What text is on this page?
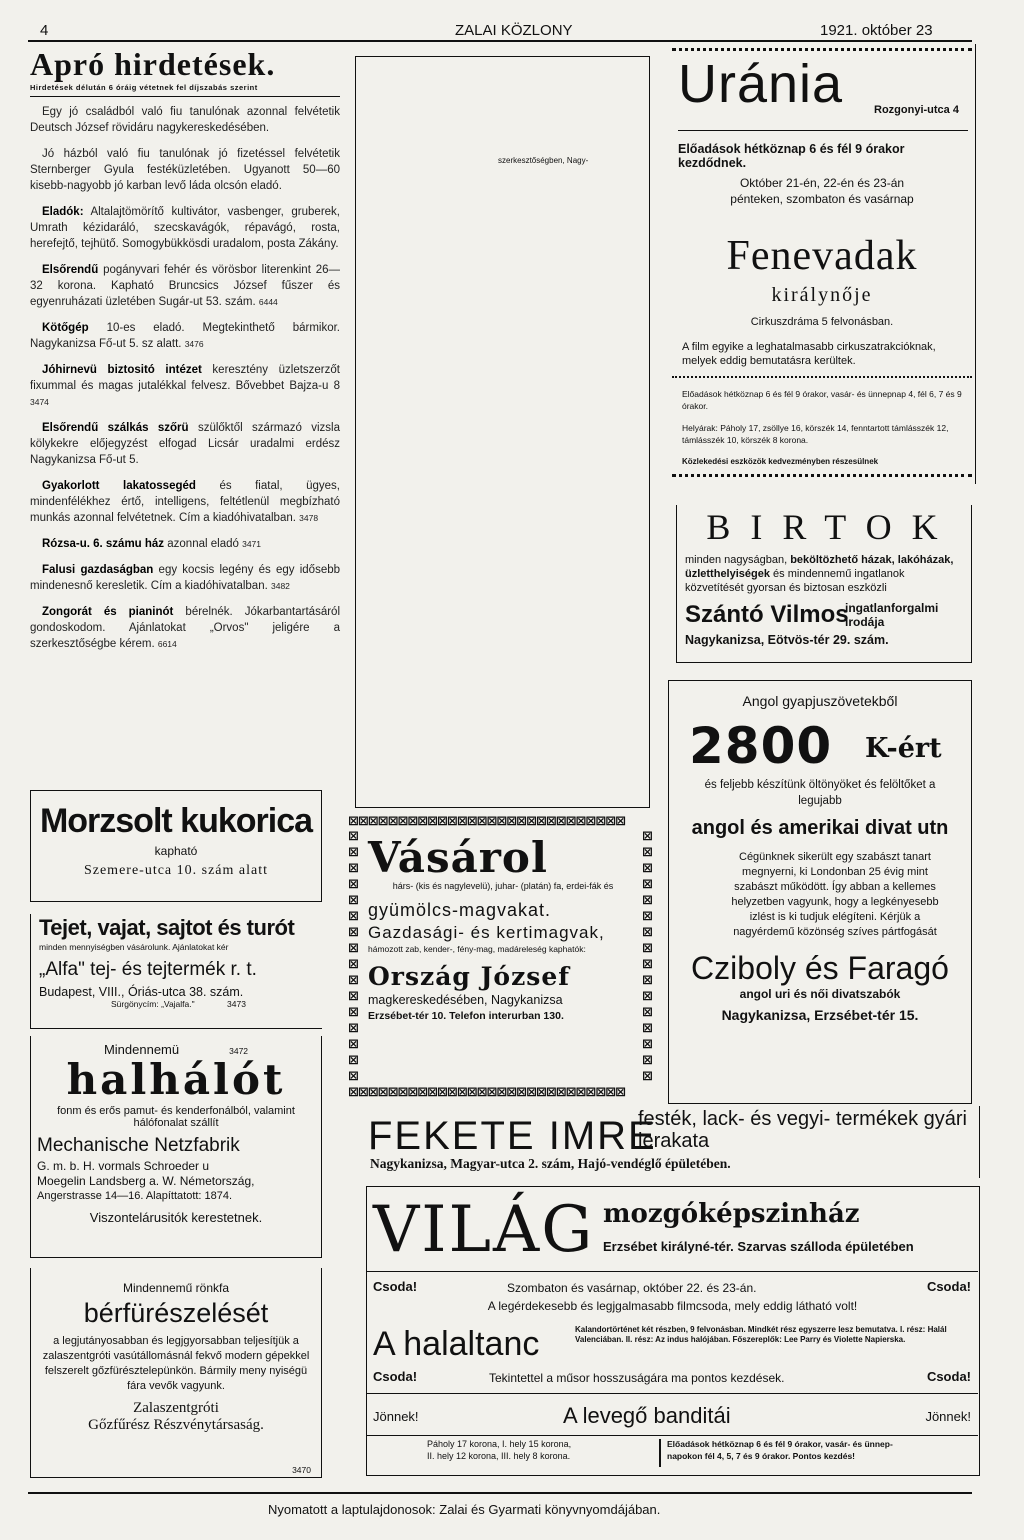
4	ZALAI KÖZLONY	1921. október 23
Apró hirdetések.
Hirdetések délután 6 óráig vétetnek fel díjszabás szerint

Egy jó családból való fiu tanulónak azonnal felvétetik Deutsch József rövidáru nagykereskedésében.

Jó házból való fiu tanulónak jó fizetéssel felvétetik Sternberger Gyula festéküzletében. Ugyanott 50—60 kisebb-nagyobb jó karban levő láda olcsón eladó.

Eladók: Altalajtömörítő kultivátor, vasbenger, gruberek, Umrath kézidaráló, szecskavágók, répavágó, rosta, herefejtő, tejhütő. Somogybükkösdi uradalom, posta Zákány.

Elsőrendű pogányvari fehér és vörösbor literenkint 26—32 korona. Kapható Bruncsics József fűszer és egyenruházati üzletében Sugár-ut 53. szám. 6444

Kötőgép 10-es eladó. Megtekinthető bármikor. Nagykanizsa Fő-ut 5. sz alatt. 3476

Jóhirnevü biztositó intézet keresztény üzletszerzőt fixummal és magas jutalékkal felvesz. Bővebbet Bajza-u 8 3474

Elsőrendű szálkás szőrü szülőktől származó vizsla kölykekre előjegyzést elfogad Licsár uradalmi erdész Nagykanizsa Fő-ut 5.

Gyakorlott lakatossegéd és fiatal, ügyes, mindenfélékhez értő, intelligens, feltétlenül megbízható munkás azonnal felvétetnek. Cím a kiadóhivatalban. 3478

Rózsa-u. 6. számu ház azonnal eladó 3471

Falusi gazdaságban egy kocsis legény és egy idősebb mindenesnő keresletik. Cím a kiadóhivatalban. 3482

Zongorát és pianinót bérelnék. Jókarbantartásáról gondoskodom. Ajánlatokat „Orvos" jeligére a szerkesztőségbe kérem. 6614

Morzsolt kukorica
kapható
Szemere-utca 10. szám alatt
Tejet, vajat, sajtot és turót
minden mennyiségben vásárolunk. Ajánlatokat kér
„Alfa" tej- és tejtermék r. t.
Budapest, VIII., Óriás-utca 38. szám.
Sürgönycím: „Vajalfa."	3473
Mindennemü	3472
halhálót
fonm és erős pamut- és kenderfonálból, valamint hálófonalat szállít
Mechanische Netzfabrik
G. m. b. H. vormals Schroeder u
Moegelin Landsberg a. W. Németország,
Angerstrasse 14—16. Alapíttatott: 1874.
Viszontelárusitók kerestetnek.
Mindennemű rönkfa
bérfürészelését
a legjutányosabban és legjgyorsabban teljesítjük a zalaszentgróti vasútállomásnál fekvő modern gépekkel felszerelt gőzfürésztelepünkön. Bármily meny nyiségü fára vevők vagyunk.
Zalaszentgróti
Gőzfűrész Részvénytársaság.
3470
szerkesztőségben, Nagy-
⊠⊠⊠⊠⊠⊠⊠⊠⊠⊠⊠⊠⊠⊠⊠⊠⊠⊠⊠⊠⊠⊠⊠⊠⊠⊠⊠⊠
⊠⊠⊠⊠⊠⊠⊠⊠⊠⊠⊠⊠⊠⊠⊠⊠⊠⊠⊠⊠⊠⊠⊠⊠⊠⊠⊠⊠
⊠
⊠
⊠
⊠
⊠
⊠
⊠
⊠
⊠
⊠
⊠
⊠
⊠
⊠
⊠
⊠
⊠
⊠
⊠
⊠
⊠
⊠
⊠
⊠
⊠
⊠
⊠
⊠
⊠
⊠
⊠
⊠
Vásárol
hárs- (kis és nagylevelü), juhar- (platán) fa, erdei-fák és
gyümölcs-magvakat.
Gazdasági- és kertimagvak,
hámozott zab, kender-, fény-mag, madáreleség kaphatók:
Ország József
magkereskedésében, Nagykanizsa
Erzsébet-tér 10. Telefon interurban 130.
Uránia	Rozgonyi-utca 4
Előadások hétköznap 6 és fél 9 órakor kezdődnek.
Október 21-én, 22-én és 23-án
pénteken, szombaton és vasárnap
Fenevadak
királynője
Cirkuszdráma 5 felvonásban.
A film egyike a leghatalmasabb cirkuszatrakcióknak, melyek eddig bemutatásra kerültek.
Előadások hétköznap 6 és fél 9 órakor, vasár- és ünnepnap 4, fél 6, 7 és 9 órakor.
Helyárak: Páholy 17, zsöllye 16, körszék 14, fenntartott támlásszék 12, támlásszék 10, körszék 8 korona.
Közlekedési eszközök kedvezményben részesülnek
BIRTOK
minden nagyságban, beköltözhető házak, lakóházak, üzletthelyiségek és mindennemű ingatlanok közvetítését gyorsan és biztosan eszközli
Szántó Vilmos
ingatlanforgalmi
irodája
Nagykanizsa, Eötvös-tér 29. szám.
Angol gyapjuszövetekből
2800 K-ért
és feljebb készítünk öltönyöket és felöltőket a legujabb
angol és amerikai divat utn
Cégünknek sikerült egy szabászt tanart megnyerni, ki Londonban 25 évig mint szabászt működött. Így abban a kellemes helyzetben vagyunk, hogy a legkényesebb izlést is ki tudjuk elégíteni. Kérjük a nagyérdemű közönség szíves pártfogását
Cziboly és Faragó
angol uri és női divatszabók
Nagykanizsa, Erzsébet-tér 15.
FEKETE IMRE
festék, lack- és vegyi- termékek gyári lerakata
Nagykanizsa, Magyar-utca 2. szám, Hajó-vendéglő épületében.
VILÁG mozgóképszinház
Erzsébet királyné-tér. Szarvas szálloda épületében
Csoda!	Szombaton és vasárnap, október 22. és 23-án.	Csoda!
A legérdekesebb és legjgalmasabb filmcsoda, mely eddig látható volt!
A halaltanc	Kalandortörténet két részben, 9 felvonásban. Mindkét rész egyszerre lesz bemutatva. I. rész: Halál Valenciában. II. rész: Az indus halójában. Főszereplők: Lee Parry és Violette Napierska.
Csoda!	Tekintettel a műsor hosszuságára ma pontos kezdések.	Csoda!
Jönnek!	A levegő banditái	Jönnek!
Páholy 17 korona, I. hely 15 korona,
II. hely 12 korona, III. hely 8 korona.
Előadások hétköznap 6 és fél 9 órakor, vasár- és ünnep-
napokon fél 4, 5, 7 és 9 órakor. Pontos kezdés!
Nyomatott a laptulajdonosok: Zalai és Gyarmati könyvnyomdájában.
